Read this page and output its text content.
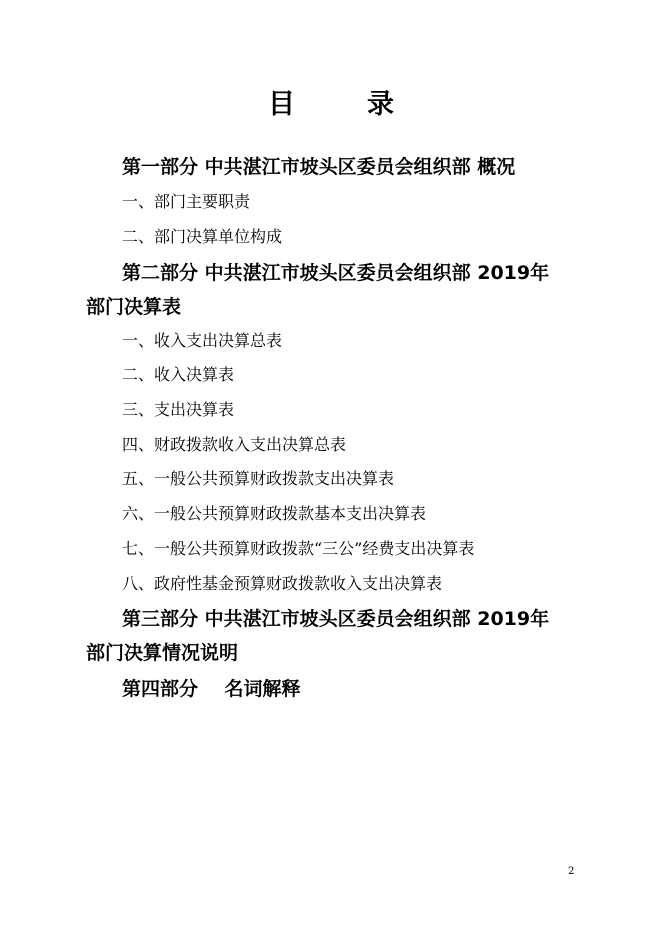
目	录
第一部分 中共湛江市坡头区委员会组织部 概况
一、部门主要职责
二、部门决算单位构成
第二部分 中共湛江市坡头区委员会组织部 2019年
部门决算表
一、收入支出决算总表
二、收入决算表
三、支出决算表
四、财政拨款收入支出决算总表
五、一般公共预算财政拨款支出决算表
六、一般公共预算财政拨款基本支出决算表
七、一般公共预算财政拨款“三公”经费支出决算表
八、政府性基金预算财政拨款收入支出决算表
第三部分 中共湛江市坡头区委员会组织部 2019年
部门决算情况说明
第四部分    名词解释
2
